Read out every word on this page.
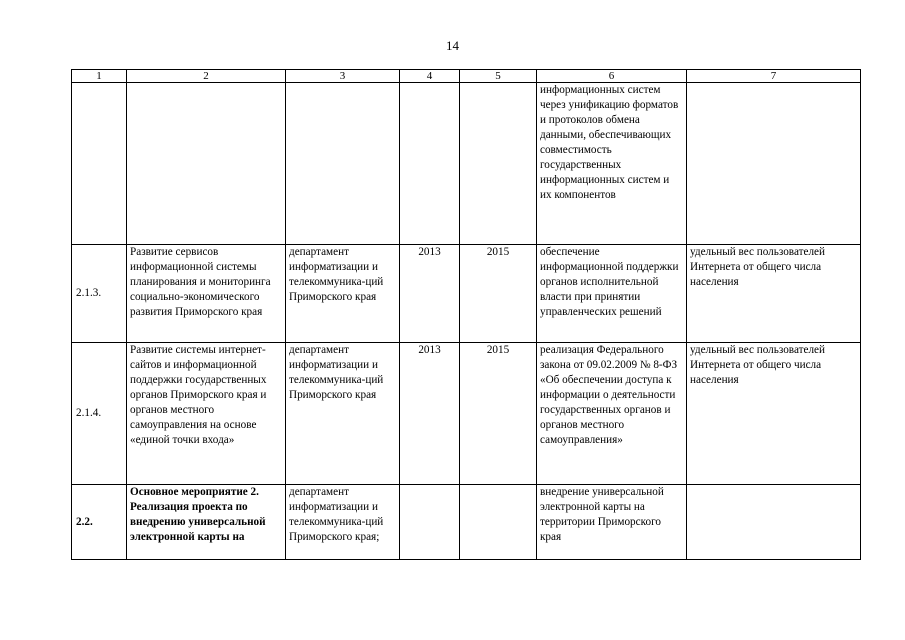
14
1	2	3	4	5	6	7
					информационных систем через унификацию форматов и протоколов обмена данными, обеспечивающих совместимость государственных информационных систем и их компонентов	
2.1.3.	Развитие сервисов информационной системы планирования и мониторинга социально-экономического развития Приморского края	департамент информатизации и телекоммуника-ций Приморского края	2013	2015	обеспечение информационной поддержки органов исполнительной власти при принятии управленческих решений	удельный вес пользователей Интернета от общего числа населения
2.1.4.	Развитие системы интернет-сайтов и информационной поддержки государственных органов Приморского края и органов местного самоуправления на основе «единой точки входа»	департамент информатизации и телекоммуника-ций Приморского края	2013	2015	реализация Федерального закона от 09.02.2009 № 8-ФЗ «Об обеспечении доступа к информации о деятельности государственных органов и органов местного самоуправления»	удельный вес пользователей Интернета от общего числа населения
2.2.	Основное мероприятие 2. Реализация проекта по внедрению универсальной электронной карты на	департамент информатизации и телекоммуника-ций Приморского края;			внедрение универсальной электронной карты на территории Приморского края	
